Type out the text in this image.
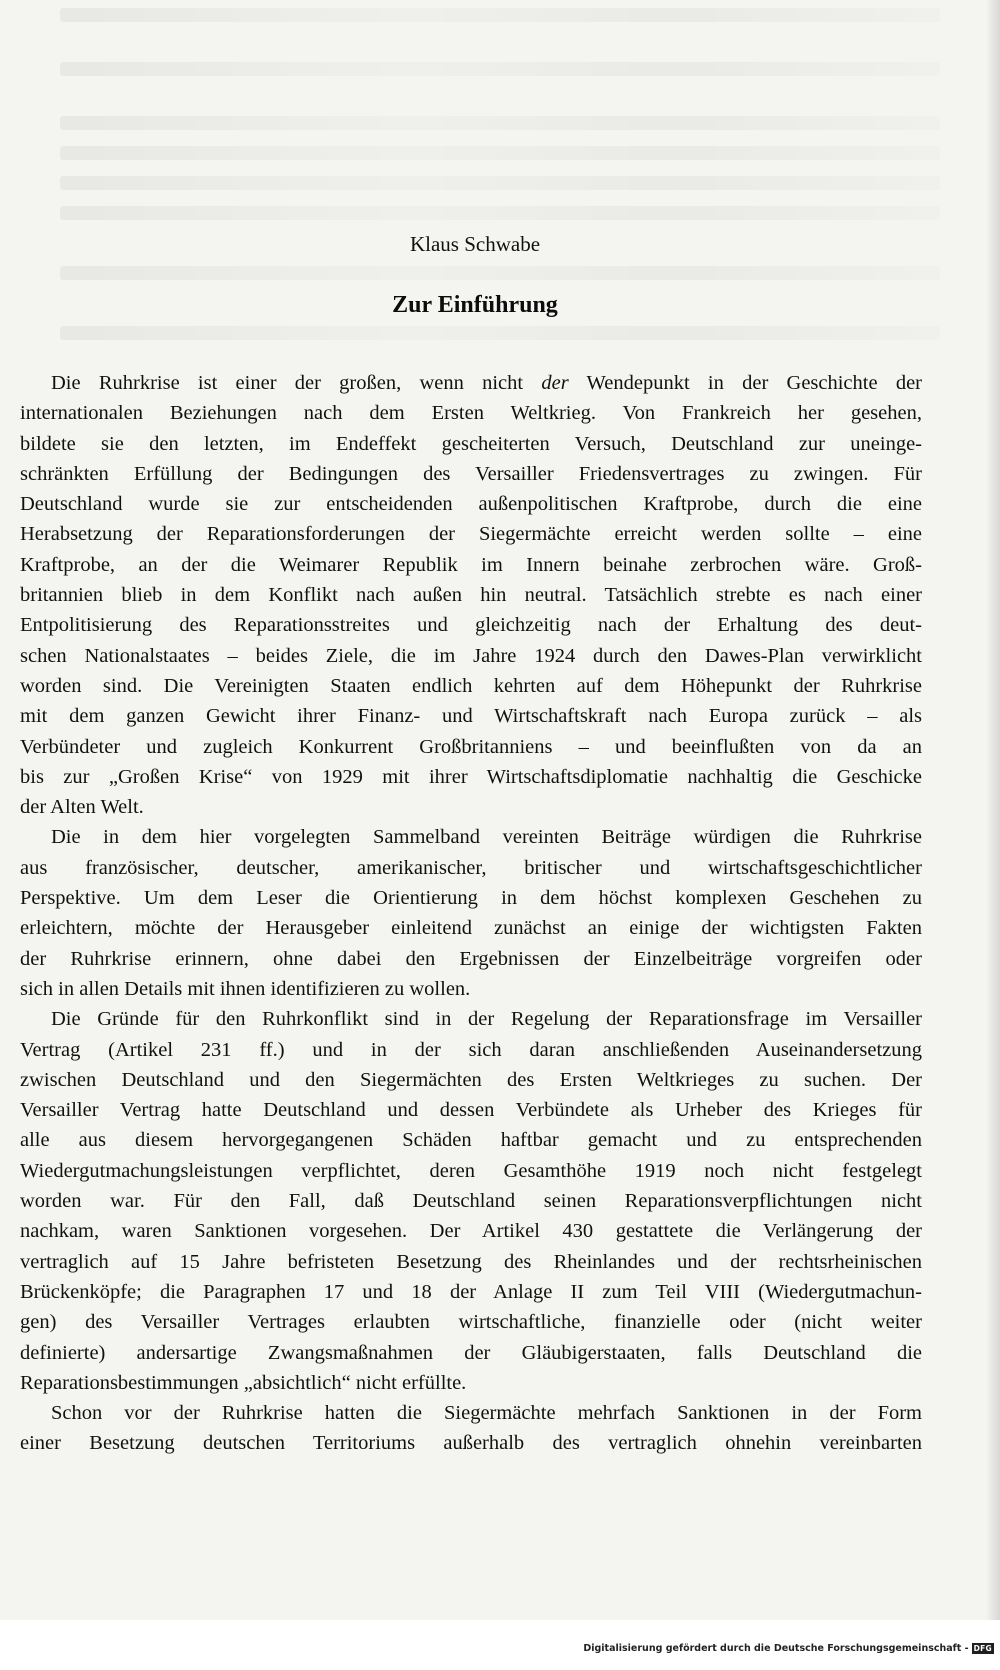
Klaus Schwabe
Zur Einführung
Die Ruhrkrise ist einer der großen, wenn nicht der Wendepunkt in der Geschichte der
internationalen Beziehungen nach dem Ersten Weltkrieg. Von Frankreich her gesehen,
bildete sie den letzten, im Endeffekt gescheiterten Versuch, Deutschland zur uneinge-
schränkten Erfüllung der Bedingungen des Versailler Friedensvertrages zu zwingen. Für
Deutschland wurde sie zur entscheidenden außenpolitischen Kraftprobe, durch die eine
Herabsetzung der Reparationsforderungen der Siegermächte erreicht werden sollte – eine
Kraftprobe, an der die Weimarer Republik im Innern beinahe zerbrochen wäre. Groß-
britannien blieb in dem Konflikt nach außen hin neutral. Tatsächlich strebte es nach einer
Entpolitisierung des Reparationsstreites und gleichzeitig nach der Erhaltung des deut-
schen Nationalstaates – beides Ziele, die im Jahre 1924 durch den Dawes-Plan verwirklicht
worden sind. Die Vereinigten Staaten endlich kehrten auf dem Höhepunkt der Ruhrkrise
mit dem ganzen Gewicht ihrer Finanz- und Wirtschaftskraft nach Europa zurück – als
Verbündeter und zugleich Konkurrent Großbritanniens – und beeinflußten von da an
bis zur „Großen Krise“ von 1929 mit ihrer Wirtschaftsdiplomatie nachhaltig die Geschicke
der Alten Welt.
Die in dem hier vorgelegten Sammelband vereinten Beiträge würdigen die Ruhrkrise
aus französischer, deutscher, amerikanischer, britischer und wirtschaftsgeschichtlicher
Perspektive. Um dem Leser die Orientierung in dem höchst komplexen Geschehen zu
erleichtern, möchte der Herausgeber einleitend zunächst an einige der wichtigsten Fakten
der Ruhrkrise erinnern, ohne dabei den Ergebnissen der Einzelbeiträge vorgreifen oder
sich in allen Details mit ihnen identifizieren zu wollen.
Die Gründe für den Ruhrkonflikt sind in der Regelung der Reparationsfrage im Versailler
Vertrag (Artikel 231 ff.) und in der sich daran anschließenden Auseinandersetzung
zwischen Deutschland und den Siegermächten des Ersten Weltkrieges zu suchen. Der
Versailler Vertrag hatte Deutschland und dessen Verbündete als Urheber des Krieges für
alle aus diesem hervorgegangenen Schäden haftbar gemacht und zu entsprechenden
Wiedergutmachungsleistungen verpflichtet, deren Gesamthöhe 1919 noch nicht festgelegt
worden war. Für den Fall, daß Deutschland seinen Reparationsverpflichtungen nicht
nachkam, waren Sanktionen vorgesehen. Der Artikel 430 gestattete die Verlängerung der
vertraglich auf 15 Jahre befristeten Besetzung des Rheinlandes und der rechtsrheinischen
Brückenköpfe; die Paragraphen 17 und 18 der Anlage II zum Teil VIII (Wiedergutmachun-
gen) des Versailler Vertrages erlaubten wirtschaftliche, finanzielle oder (nicht weiter
definierte) andersartige Zwangsmaßnahmen der Gläubigerstaaten, falls Deutschland die
Reparationsbestimmungen „absichtlich“ nicht erfüllte.
Schon vor der Ruhrkrise hatten die Siegermächte mehrfach Sanktionen in der Form
einer Besetzung deutschen Territoriums außerhalb des vertraglich ohnehin vereinbarten
Digitalisierung gefördert durch die Deutsche Forschungsgemeinschaft - DFG
